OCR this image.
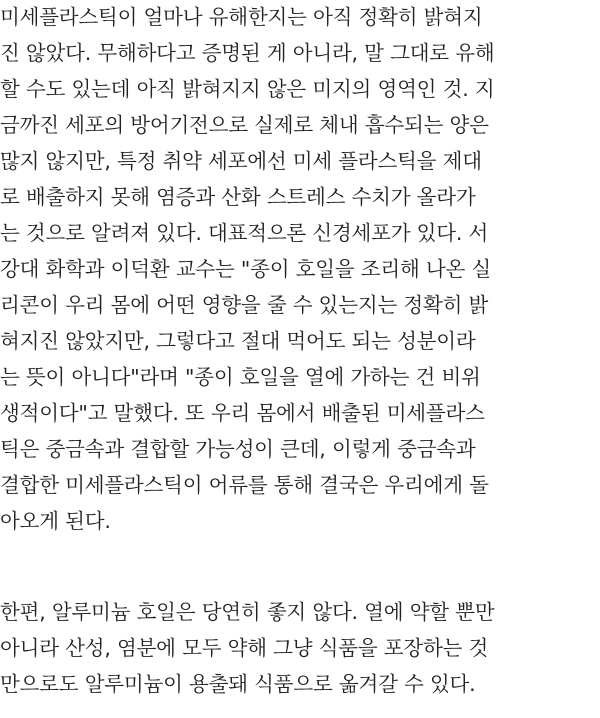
미세플라스틱이 얼마나 유해한지는 아직 정확히 밝혀지
진 않았다. 무해하다고 증명된 게 아니라, 말 그대로 유해
할 수도 있는데 아직 밝혀지지 않은 미지의 영역인 것. 지
금까진 세포의 방어기전으로 실제로 체내 흡수되는 양은
많지 않지만, 특정 취약 세포에선 미세 플라스틱을 제대
로 배출하지 못해 염증과 산화 스트레스 수치가 올라가
는 것으로 알려져 있다. 대표적으론 신경세포가 있다. 서
강대 화학과 이덕환 교수는 "종이 호일을 조리해 나온 실
리콘이 우리 몸에 어떤 영향을 줄 수 있는지는 정확히 밝
혀지진 않았지만, 그렇다고 절대 먹어도 되는 성분이라
는 뜻이 아니다"라며 "종이 호일을 열에 가하는 건 비위
생적이다"고 말했다. 또 우리 몸에서 배출된 미세플라스
틱은 중금속과 결합할 가능성이 큰데, 이렇게 중금속과
결합한 미세플라스틱이 어류를 통해 결국은 우리에게 돌
아오게 된다.
한편, 알루미늄 호일은 당연히 좋지 않다. 열에 약할 뿐만
아니라 산성, 염분에 모두 약해 그냥 식품을 포장하는 것
만으로도 알루미늄이 용출돼 식품으로 옮겨갈 수 있다.
